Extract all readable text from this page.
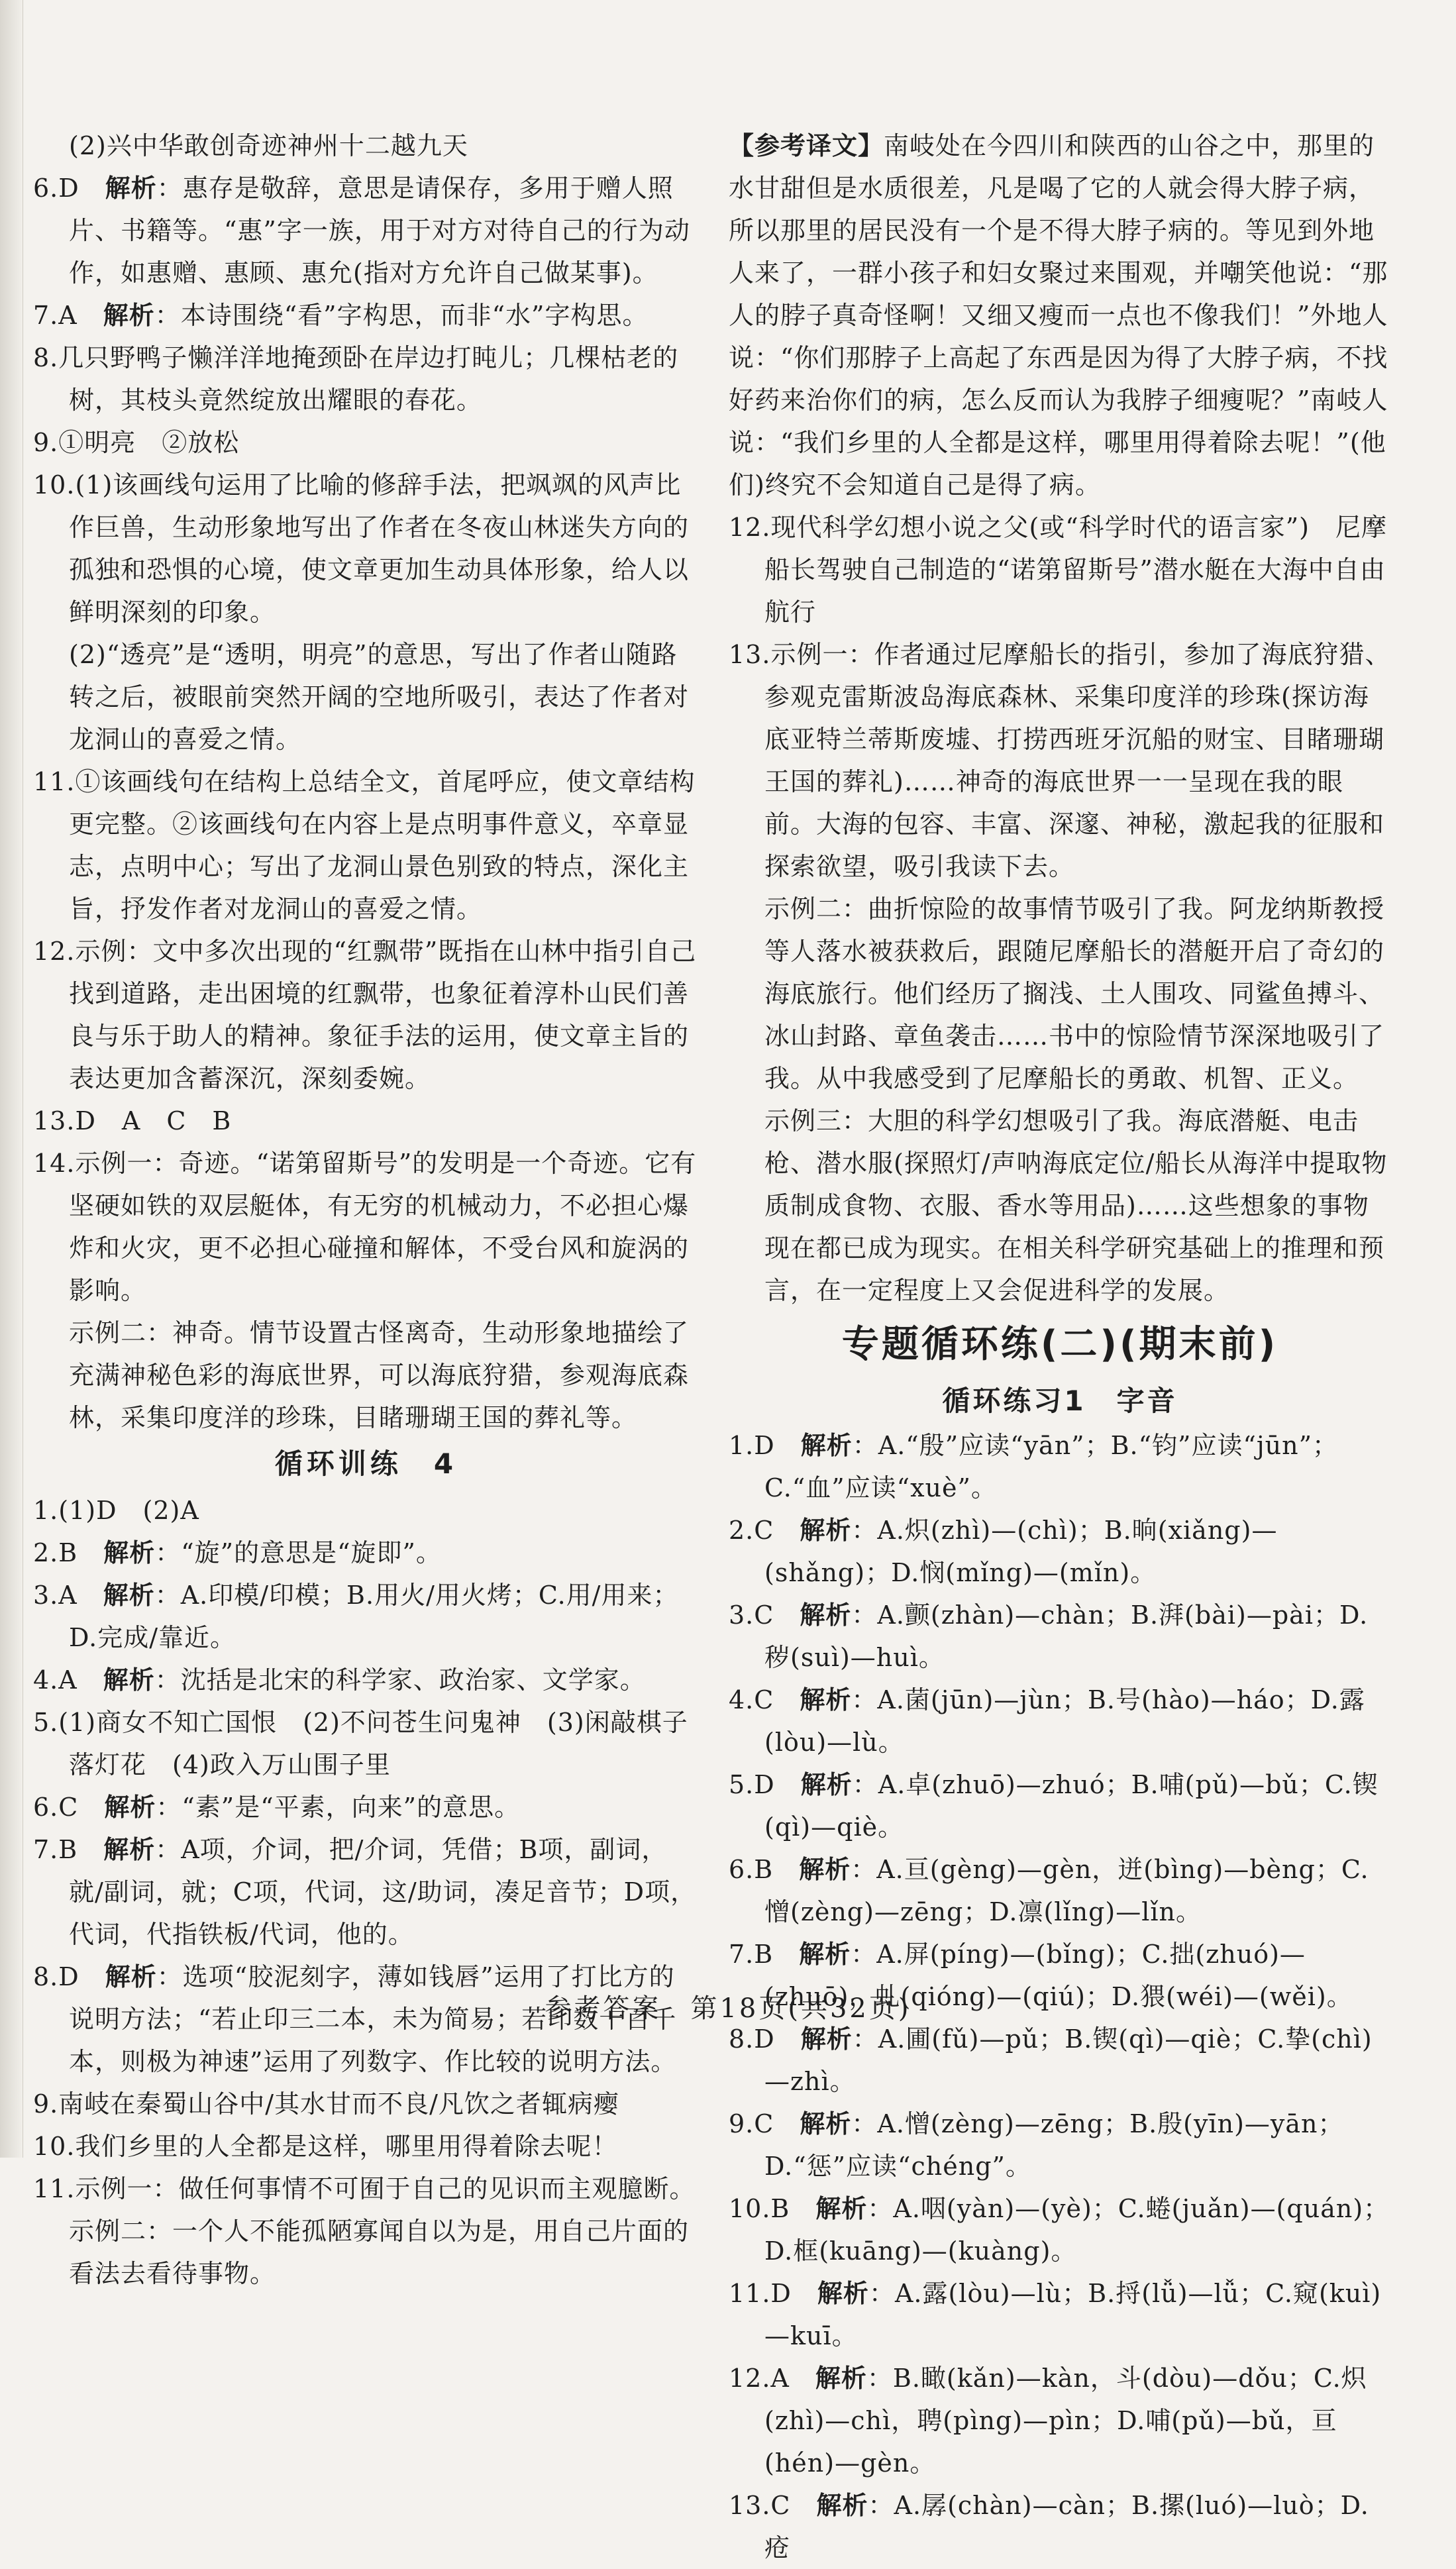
(2)兴中华敢创奇迹神州十二越九天
6.D　 解析：惠存是敬辞，意思是请保存，多用于赠人照片、书籍等。“惠”字一族，用于对方对待自己的行为动作，如惠赠、惠顾、惠允(指对方允许自己做某事)。
7.A　 解析：本诗围绕“看”字构思，而非“水”字构思。
8.几只野鸭子懒洋洋地掩颈卧在岸边打盹儿；几棵枯老的树，其枝头竟然绽放出耀眼的春花。
9.①明亮　②放松
10.(1)该画线句运用了比喻的修辞手法，把飒飒的风声比作巨兽，生动形象地写出了作者在冬夜山林迷失方向的孤独和恐惧的心境，使文章更加生动具体形象，给人以鲜明深刻的印象。
(2)“透亮”是“透明，明亮”的意思，写出了作者山随路转之后，被眼前突然开阔的空地所吸引，表达了作者对龙洞山的喜爱之情。
11.①该画线句在结构上总结全文，首尾呼应，使文章结构更完整。②该画线句在内容上是点明事件意义，卒章显志，点明中心；写出了龙洞山景色别致的特点，深化主旨，抒发作者对龙洞山的喜爱之情。
12.示例：文中多次出现的“红飘带”既指在山林中指引自己找到道路，走出困境的红飘带，也象征着淳朴山民们善良与乐于助人的精神。象征手法的运用，使文章主旨的表达更加含蓄深沉，深刻委婉。
13.D　A　C　B
14.示例一：奇迹。“诺第留斯号”的发明是一个奇迹。它有坚硬如铁的双层艇体，有无穷的机械动力，不必担心爆炸和火灾，更不必担心碰撞和解体，不受台风和旋涡的影响。
示例二：神奇。情节设置古怪离奇，生动形象地描绘了充满神秘色彩的海底世界，可以海底狩猎，参观海底森林，采集印度洋的珍珠，目睹珊瑚王国的葬礼等。
循环训练　4
1.(1)D　(2)A
2.B　 解析：“旋”的意思是“旋即”。
3.A　 解析：A.印模/印模；B.用火/用火烤；C.用/用来；D.完成/靠近。
4.A　 解析：沈括是北宋的科学家、政治家、文学家。
5.(1)商女不知亡国恨　(2)不问苍生问鬼神　(3)闲敲棋子落灯花　(4)政入万山围子里
6.C　 解析：“素”是“平素，向来”的意思。
7.B　 解析：A项，介词，把/介词，凭借；B项，副词，就/副词，就；C项，代词，这/助词，凑足音节；D项，代词，代指铁板/代词，他的。
8.D　 解析：选项“胶泥刻字，薄如钱唇”运用了打比方的说明方法；“若止印三二本，未为简易；若印数十百千本，则极为神速”运用了列数字、作比较的说明方法。
9.南岐在秦蜀山谷中/其水甘而不良/凡饮之者辄病瘿
10.我们乡里的人全都是这样，哪里用得着除去呢！
11.示例一：做任何事情不可囿于自己的见识而主观臆断。
示例二：一个人不能孤陋寡闻自以为是，用自己片面的看法去看待事物。
【参考译文】南岐处在今四川和陕西的山谷之中，那里的水甘甜但是水质很差，凡是喝了它的人就会得大脖子病，所以那里的居民没有一个是不得大脖子病的。等见到外地人来了，一群小孩子和妇女聚过来围观，并嘲笑他说：“那人的脖子真奇怪啊！又细又瘦而一点也不像我们！”外地人说：“你们那脖子上高起了东西是因为得了大脖子病，不找好药来治你们的病，怎么反而认为我脖子细瘦呢？”南岐人说：“我们乡里的人全都是这样，哪里用得着除去呢！”(他们)终究不会知道自己是得了病。
12.现代科学幻想小说之父(或“科学时代的语言家”)　尼摩船长驾驶自己制造的“诺第留斯号”潜水艇在大海中自由航行
13.示例一：作者通过尼摩船长的指引，参加了海底狩猎、参观克雷斯波岛海底森林、采集印度洋的珍珠(探访海底亚特兰蒂斯废墟、打捞西班牙沉船的财宝、目睹珊瑚王国的葬礼)……神奇的海底世界一一呈现在我的眼前。大海的包容、丰富、深邃、神秘，激起我的征服和探索欲望，吸引我读下去。
示例二：曲折惊险的故事情节吸引了我。阿龙纳斯教授等人落水被获救后，跟随尼摩船长的潜艇开启了奇幻的海底旅行。他们经历了搁浅、土人围攻、同鲨鱼搏斗、冰山封路、章鱼袭击……书中的惊险情节深深地吸引了我。从中我感受到了尼摩船长的勇敢、机智、正义。
示例三：大胆的科学幻想吸引了我。海底潜艇、电击枪、潜水服(探照灯/声呐海底定位/船长从海洋中提取物质制成食物、衣服、香水等用品)……这些想象的事物现在都已成为现实。在相关科学研究基础上的推理和预言，在一定程度上又会促进科学的发展。
专题循环练(二)(期末前)
循环练习1　字音
1.D　 解析：A.“殷”应读“yān”；B.“钧”应读“jūn”；C.“血”应读“xuè”。
2.C　 解析：A.炽(zhì)—(chì)；B.晌(xiǎng)—(shǎng)；D.悯(mǐng)—(mǐn)。
3.C　 解析：A.颤(zhàn)—chàn；B.湃(bài)—pài；D.秽(suì)—huì。
4.C　 解析：A.菌(jūn)—jùn；B.号(hào)—háo；D.露(lòu)—lù。
5.D　 解析：A.卓(zhuō)—zhuó；B.哺(pǔ)—bǔ；C.锲(qì)—qiè。
6.B　 解析：A.亘(gèng)—gèn，迸(bìng)—bèng；C.憎(zèng)—zēng；D.凛(lǐng)—lǐn。
7.B　 解析：A.屏(píng)—(bǐng)；C.拙(zhuó)—(zhuō)，虬(qióng)—(qiú)；D.猥(wéi)—(wěi)。
8.D　 解析：A.圃(fǔ)—pǔ；B.锲(qì)—qiè；C.挚(chì)—zhì。
9.C　 解析：A.憎(zèng)—zēng；B.殷(yīn)—yān；D.“惩”应读“chéng”。
10.B　 解析：A.咽(yàn)—(yè)；C.蜷(juǎn)—(quán)；D.框(kuāng)—(kuàng)。
11.D　 解析：A.露(lòu)—lù；B.捋(lǚ)—lǚ；C.窥(kuì)—kuī。
12.A　 解析：B.瞰(kǎn)—kàn，斗(dòu)—dǒu；C.炽(zhì)—chì，聘(pìng)—pìn；D.哺(pǔ)—bǔ，亘(hén)—gèn。
13.C　 解析：A.孱(chàn)—càn；B.摞(luó)—luò；D.疮
参考答案　第18页(共32页)
